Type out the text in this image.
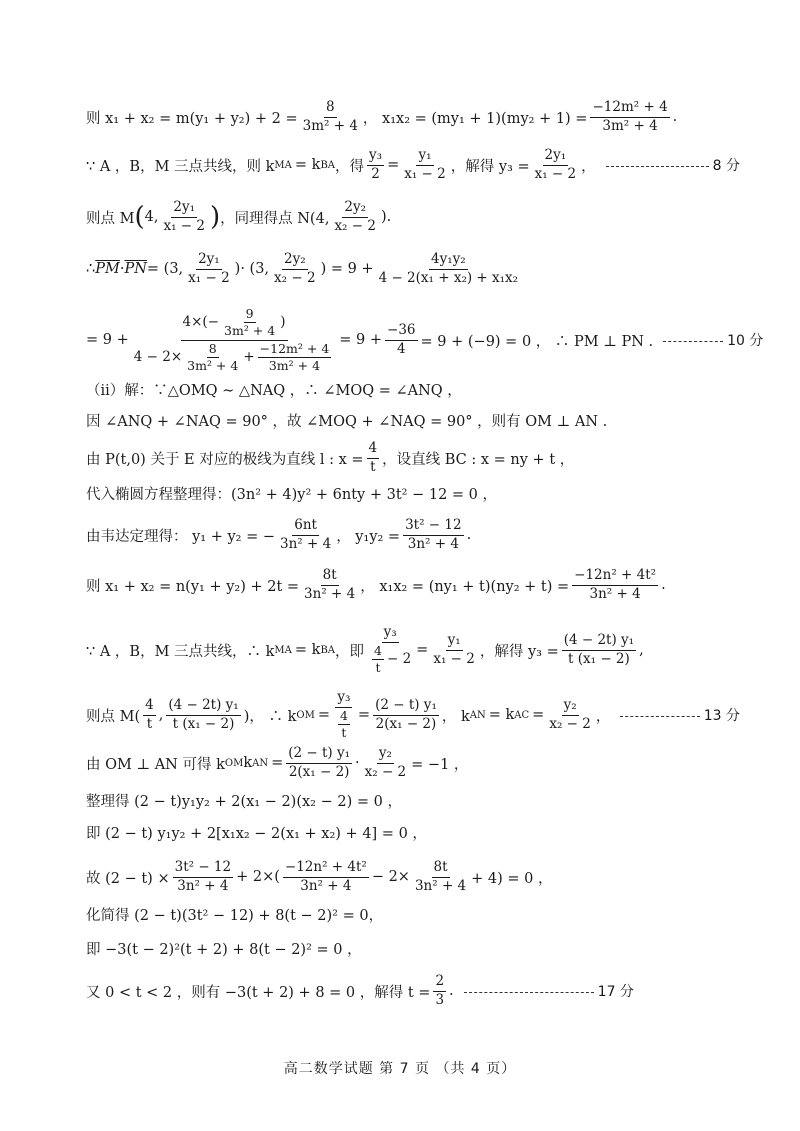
则 $x_1 + x_2 = m(y_1 + y_2) + 2 = \frac{8}{\text{3m² + 4}}$ ， $x_1x_2 = (my_1 + 1)(my_2 + 1) = \frac{\text{−12m² + 4}}{\text{3m² + 4}}$ .
∵ A ，B，M 三点共线，则 k MA = k BA ，得 $\frac{\text{y₃}}{2} = \frac{\text{y₁}}{\text{x₁ − 2}}$ ，解得 $y_3 = \frac{\text{2y₁}}{\text{x₁ − 2}}$ ，	8 分
则点 M ( 4, $\frac{\text{2y₁}}{\text{x₁ − 2}}$ ) ，同理得点 N(4, $\frac{\text{2y₂}}{\text{x₂ − 2}}$ ).
∴ $\overline{PM} \cdot \overline{PN} = (3$, $\frac{\text{2y₁}}{\text{x₁ − 2}}$ )· (3, $\frac{\text{2y₂}}{\text{x₂ − 2}}$ ) = $9 + \frac{\text{4y₁y₂}}{\text{4 − 2(x₁ + x₂) + x₁x₂}}$
= $9 + \frac{4\times(- \frac{9}{\text{3m² + 4}} )}{4 - 2\times \frac{8}{\text{3m² + 4}} + \frac{\text{−12m² + 4}}{\text{3m² + 4}}} = 9 + \frac{-36}{4} = 9 + (-9) = 0$ ， ∴ PM ⊥ PN .	10 分
（ii）解：∵△OMQ ∼ △NAQ ，∴ ∠MOQ = ∠ANQ ，
因 ∠ANQ + ∠NAQ = 90° ，故 ∠MOQ + ∠NAQ = 90° ，则有 OM ⊥ AN .
由 P(t,0) 关于 E 对应的极线为直线 l : $x = \frac{4}{t}$ ，设直线 BC : x = ny + t ，
代入椭圆方程整理得：(3n² + 4)y² + 6nty + 3t² − 12 = 0 ，
由韦达定理得： y₁ + y₂ = − $\frac{6nt}{\text{3n² + 4}}$ ， $y_1y_2 = \frac{\text{3t² − 12}}{\text{3n² + 4}}$ .
则 $x_1 + x_2 = n(y_1 + y_2) + 2t = \frac{8t}{\text{3n² + 4}}$ ， $x_1x_2 = (ny_1 + t)(ny_2 + t) = \frac{\text{−12n² + 4t²}}{\text{3n² + 4}}$ .
∵ A ，B，M 三点共线，∴ k MA = k BA ，即 $\frac{\text{y₃}}{\frac{4}{t} - 2} = \frac{\text{y₁}}{\text{x₁ − 2}}$ ，解得 $y_3 = \frac{\text{(4 − 2t) y₁}}{\text{t (x₁ − 2)}}$ ,
则点 $M( \frac{4}{t}$ , $\frac{\text{(4 − 2t) y₁}}{\text{t (x₁ − 2)}}$ )， ∴ k OM = $\frac{\text{y₃}}{\frac{4}{t}} = \frac{\text{(2 − t) y₁}}{\text{2(x₁ − 2)}}$ ， k AN = k AC = $\frac{\text{y₂}}{\text{x₂ − 2}}$ ，	13 分
由 OM ⊥ AN 可得 k OM k AN = $\frac{\text{(2 − t) y₁}}{\text{2(x₁ − 2)}} \cdot \frac{\text{y₂}}{\text{x₂ − 2}} = -1$ ，
整理得 (2 − t)y₁y₂ + 2(x₁ − 2)(x₂ − 2) = 0 ，
即 (2 − t) y₁y₂ + 2[x₁x₂ − 2(x₁ + x₂) + 4] = 0 ，
故 $(2 - t) \times \frac{\text{3t² − 12}}{\text{3n² + 4}} + 2\times( \frac{\text{−12n² + 4t²}}{\text{3n² + 4}} - 2\times \frac{8t}{\text{3n² + 4}} + 4) = 0$ ，
化简得 (2 − t)(3t² − 12) + 8(t − 2)² = 0，
即 −3(t − 2)²(t + 2) + 8(t − 2)² = 0 ，
又 0 < t < 2 ，则有 −3(t + 2) + 8 = 0 ，解得 $t = \frac{2}{3}$ .	17 分
高二数学试题 第 7 页 （共 4 页）
